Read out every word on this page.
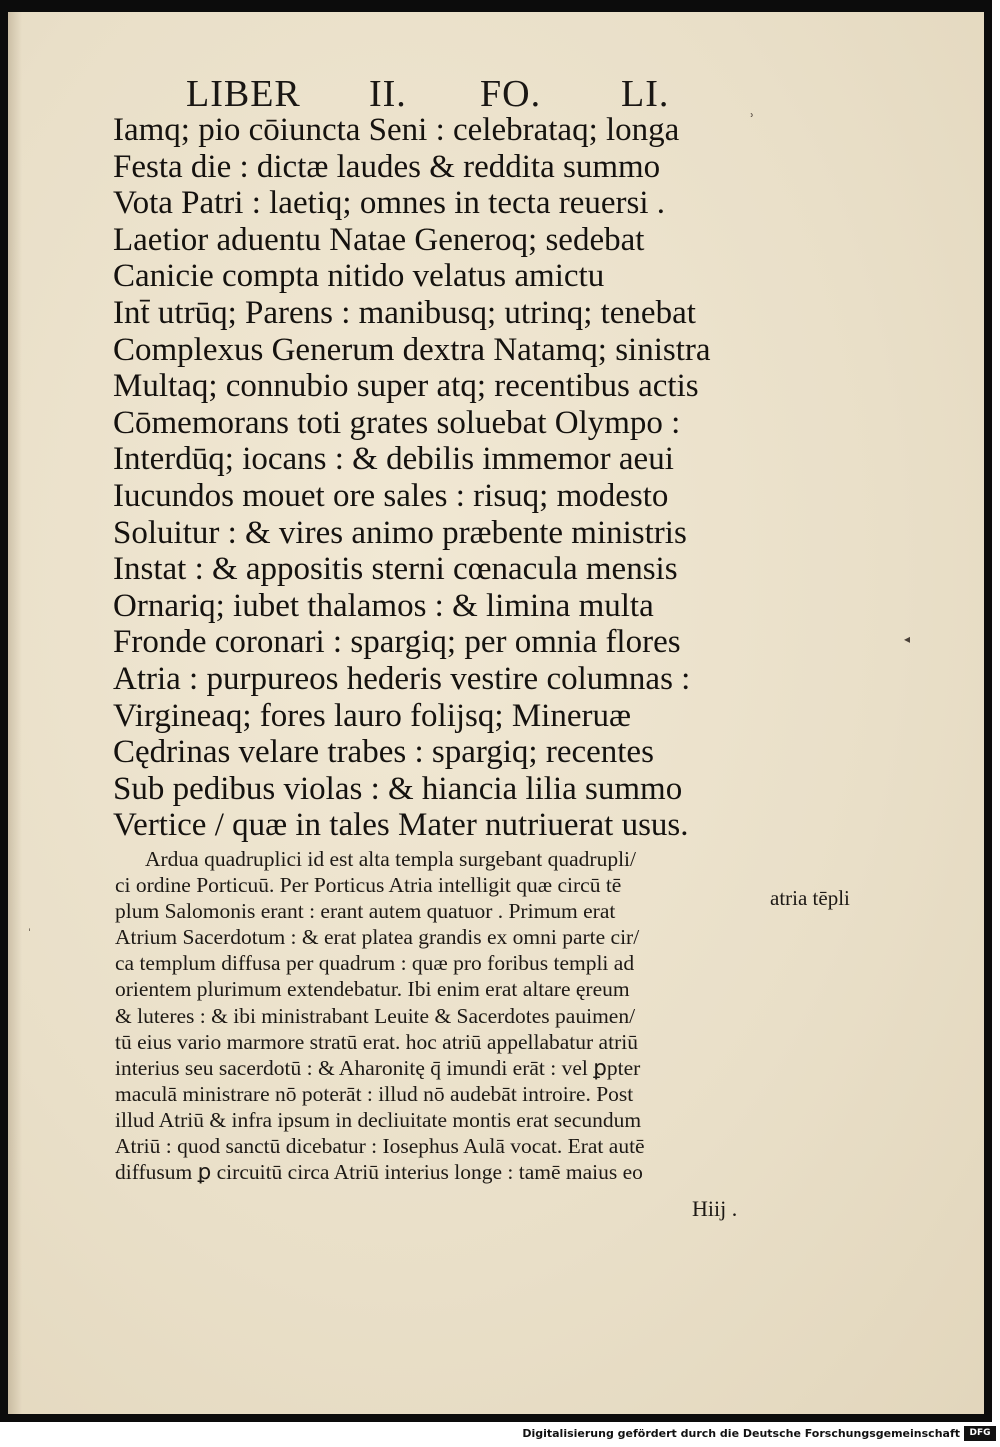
LIBER II. FO. LI.
Iamq; pio cōiuncta Seni : celebrataq; longa
Festa die : dictæ laudes & reddita summo
Vota Patri : laetiq; omnes in tecta reuersi .
Laetior aduentu Natae Generoq; sedebat
Canicie compta nitido velatus amictu
Int̄ utrūq; Parens : manibusq; utrinq; tenebat
Complexus Generum dextra Natamq; sinistra
Multaq; connubio super atq; recentibus actis
Cōmemorans toti grates soluebat Olympo :
Interdūq; iocans : & debilis immemor aeui
Iucundos mouet ore sales : risuq; modesto
Soluitur : & vires animo præbente ministris
Instat : & appositis sterni cœnacula mensis
Ornariq; iubet thalamos : & limina multa
Fronde coronari : spargiq; per omnia flores
Atria : purpureos hederis vestire columnas :
Virgineaq; fores lauro folijsq; Mineruæ
Cędrinas velare trabes : spargiq; recentes
Sub pedibus violas : & hiancia lilia summo
Vertice / quæ in tales Mater nutriuerat usus.
Ardua quadruplici id est alta templa surgebant quadrupli/
ci ordine Porticuū. Per Porticus Atria intelligit quæ circū tē
plum Salomonis erant : erant autem quatuor . Primum erat
Atrium Sacerdotum : & erat platea grandis ex omni parte cir/
ca templum diffusa per quadrum : quæ pro foribus templi ad
orientem plurimum extendebatur. Ibi enim erat altare ęreum
& luteres : & ibi ministrabant Leuite & Sacerdotes pauimen/
tū eius vario marmore stratū erat. hoc atriū appellabatur atriū
interius seu sacerdotū : & Aharonitę q̄ imundi erāt : vel ꝑpter
maculā ministrare nō poterāt : illud nō audebāt introire. Post
illud Atriū & infra ipsum in decliuitate montis erat secundum
Atriū : quod sanctū dicebatur : Iosephus Aulā vocat. Erat autē
diffusum ꝑ circuitū circa Atriū interius longe : tamē maius eo
atria tēpli
Hiij .
ʾ
◂
ˈ
Digitalisierung gefördert durch die Deutsche Forschungsgemeinschaft	DFG
